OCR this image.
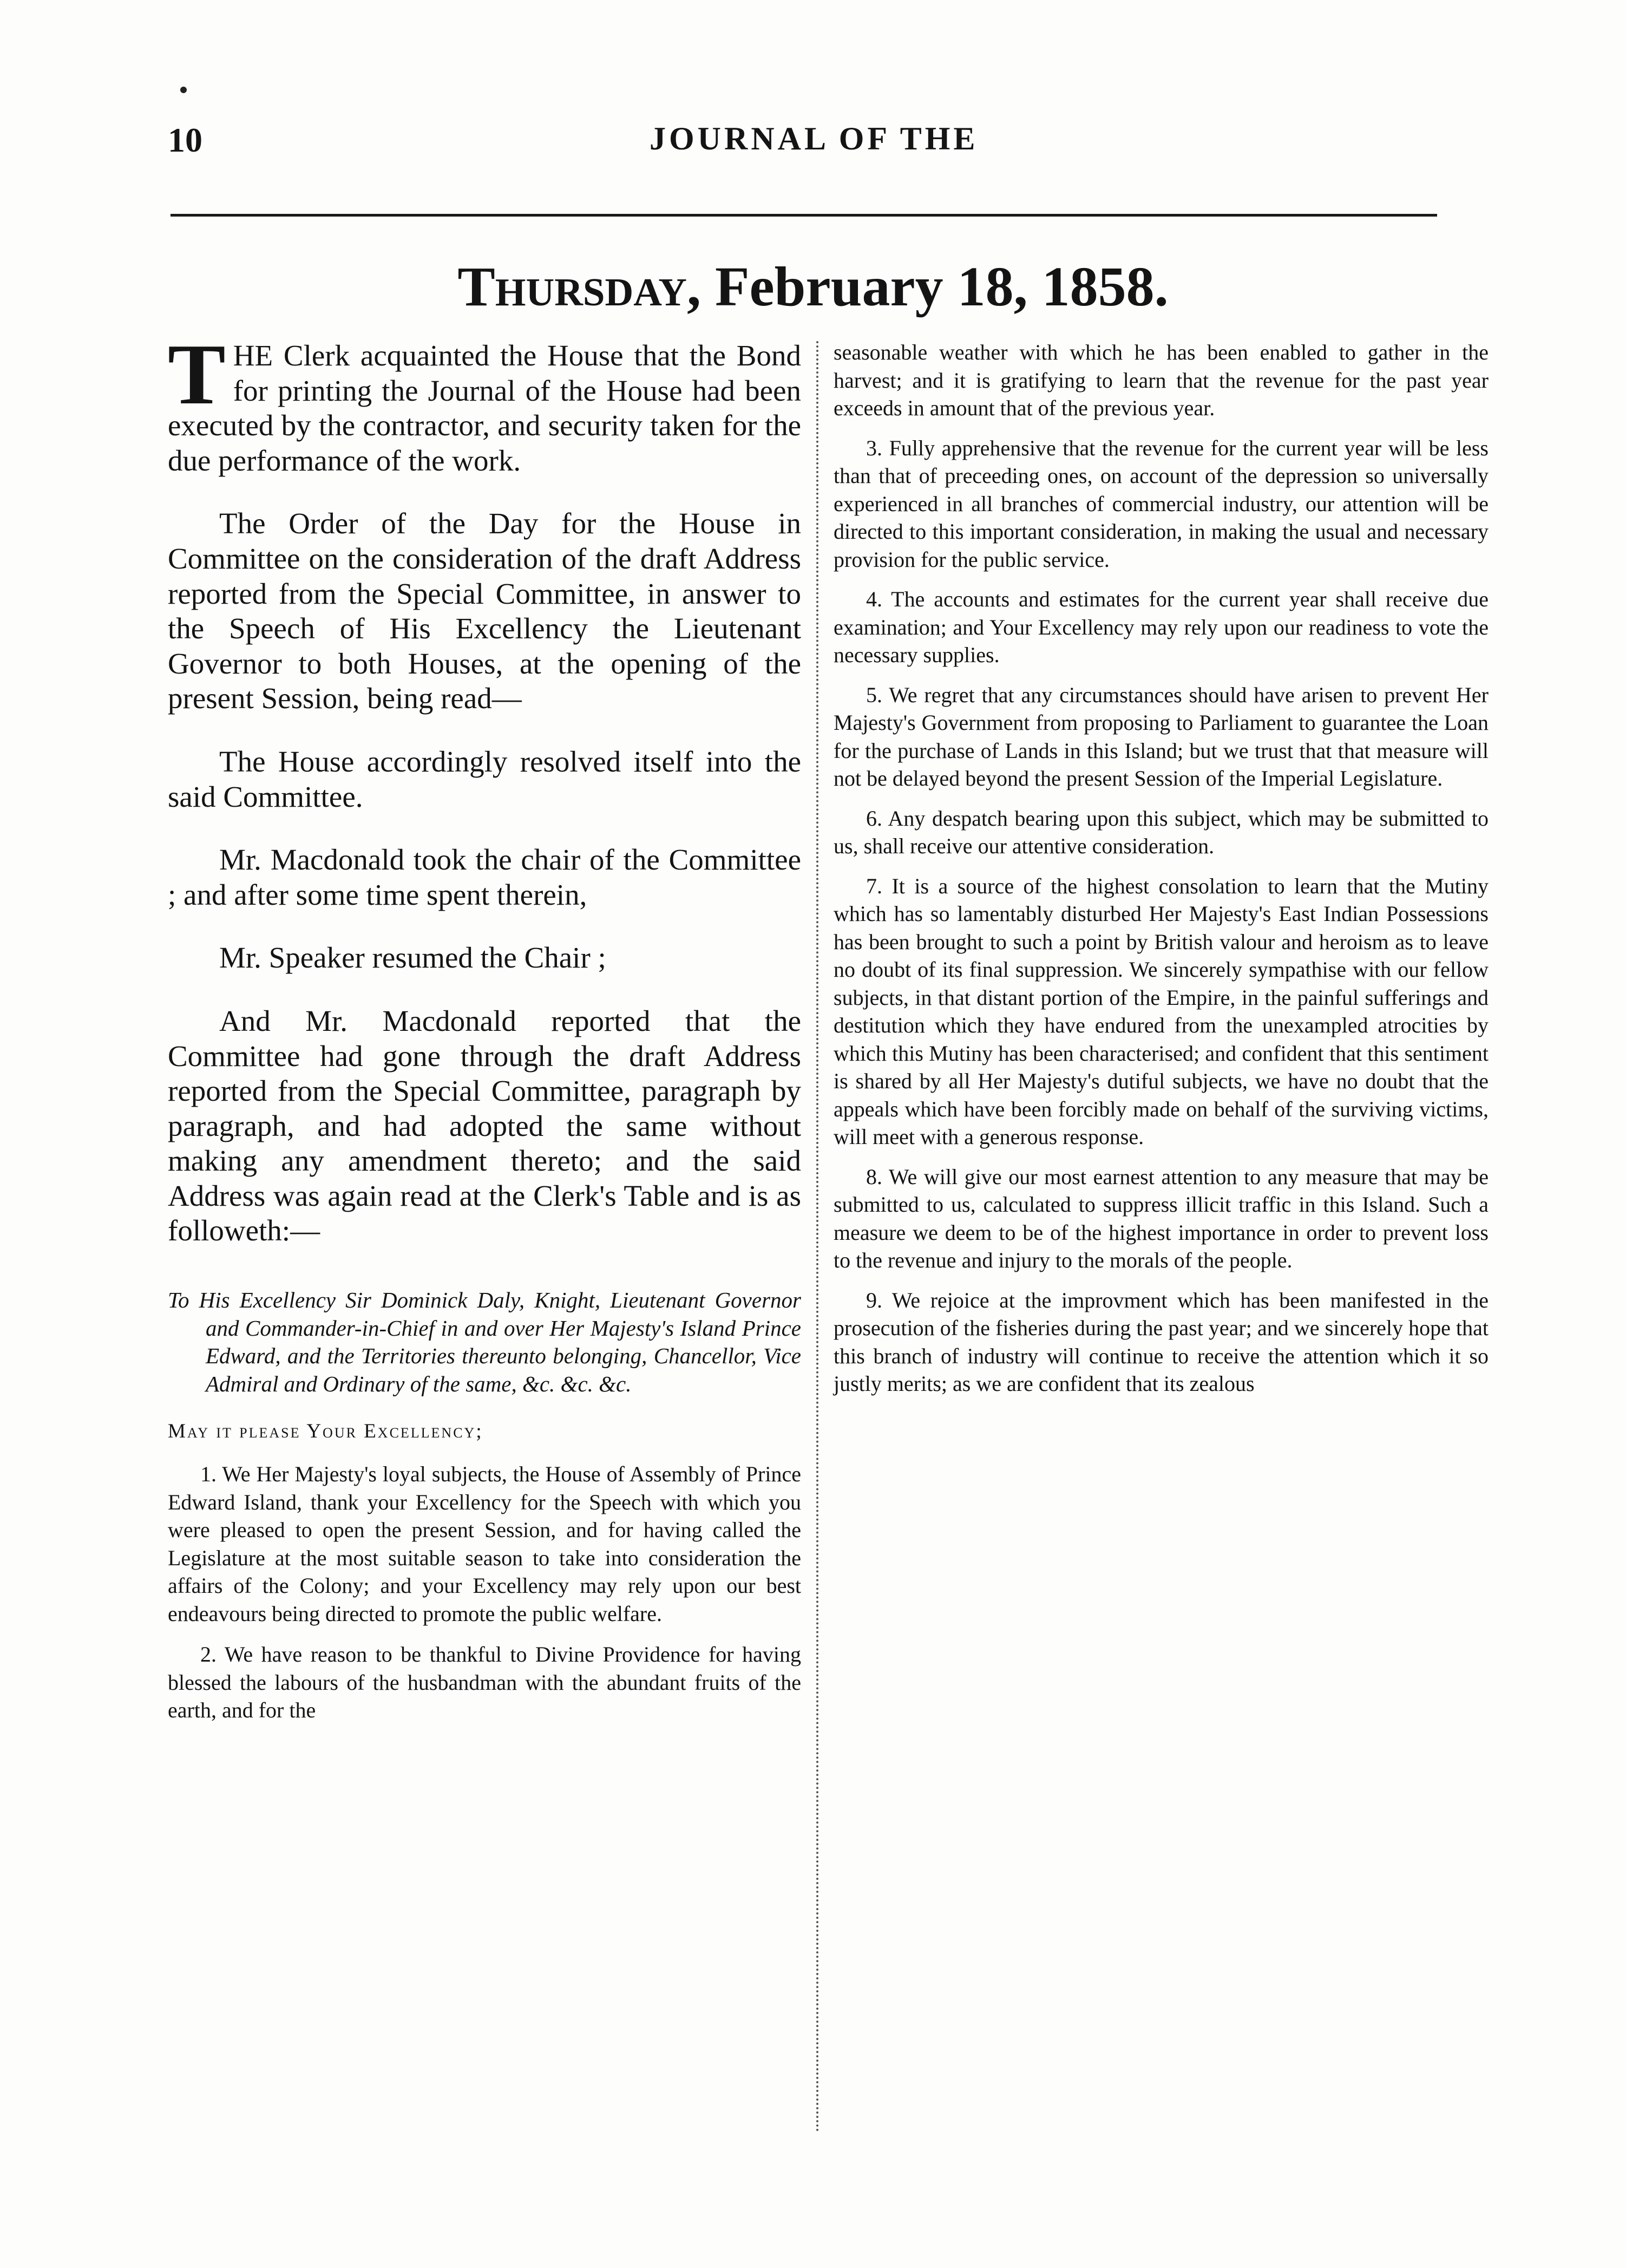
10	JOURNAL OF THE
Thursday, February 18, 1858.

THE Clerk acquainted the House that the Bond for printing the Journal of the House had been executed by the contractor, and security taken for the due performance of the work.

The Order of the Day for the House in Committee on the consideration of the draft Address reported from the Special Committee, in answer to the Speech of His Excellency the Lieutenant Governor to both Houses, at the opening of the present Session, being read—

The House accordingly resolved itself into the said Committee.

Mr. Macdonald took the chair of the Committee ; and after some time spent therein,

Mr. Speaker resumed the Chair ;

And Mr. Macdonald reported that the Committee had gone through the draft Address reported from the Special Committee, paragraph by paragraph, and had adopted the same without making any amendment thereto; and the said Address was again read at the Clerk's Table and is as followeth:—

To His Excellency Sir Dominick Daly, Knight, Lieutenant Governor and Commander-in-Chief in and over Her Majesty's Island Prince Edward, and the Territories thereunto belonging, Chancellor, Vice Admiral and Ordinary of the same, &c. &c. &c.
May it please Your Excellency;

1. We Her Majesty's loyal subjects, the House of Assembly of Prince Edward Island, thank your Excellency for the Speech with which you were pleased to open the present Session, and for having called the Legislature at the most suitable season to take into consideration the affairs of the Colony; and your Excellency may rely upon our best endeavours being directed to promote the public welfare.

2. We have reason to be thankful to Divine Providence for having blessed the labours of the husbandman with the abundant fruits of the earth, and for the

seasonable weather with which he has been enabled to gather in the harvest; and it is gratifying to learn that the revenue for the past year exceeds in amount that of the previous year.

3. Fully apprehensive that the revenue for the current year will be less than that of preceeding ones, on account of the depression so universally experienced in all branches of commercial industry, our attention will be directed to this important consideration, in making the usual and necessary provision for the public service.

4. The accounts and estimates for the current year shall receive due examination; and Your Excellency may rely upon our readiness to vote the necessary supplies.

5. We regret that any circumstances should have arisen to prevent Her Majesty's Government from proposing to Parliament to guarantee the Loan for the purchase of Lands in this Island; but we trust that that measure will not be delayed beyond the present Session of the Imperial Legislature.

6. Any despatch bearing upon this subject, which may be submitted to us, shall receive our attentive consideration.

7. It is a source of the highest consolation to learn that the Mutiny which has so lamentably disturbed Her Majesty's East Indian Possessions has been brought to such a point by British valour and heroism as to leave no doubt of its final suppression. We sincerely sympathise with our fellow subjects, in that distant portion of the Empire, in the painful sufferings and destitution which they have endured from the unexampled atrocities by which this Mutiny has been characterised; and confident that this sentiment is shared by all Her Majesty's dutiful subjects, we have no doubt that the appeals which have been forcibly made on behalf of the surviving victims, will meet with a generous response.

8. We will give our most earnest attention to any measure that may be submitted to us, calculated to suppress illicit traffic in this Island. Such a measure we deem to be of the highest importance in order to prevent loss to the revenue and injury to the morals of the people.

9. We rejoice at the improvment which has been manifested in the prosecution of the fisheries during the past year; and we sincerely hope that this branch of industry will continue to receive the attention which it so justly merits; as we are confident that its zealous
